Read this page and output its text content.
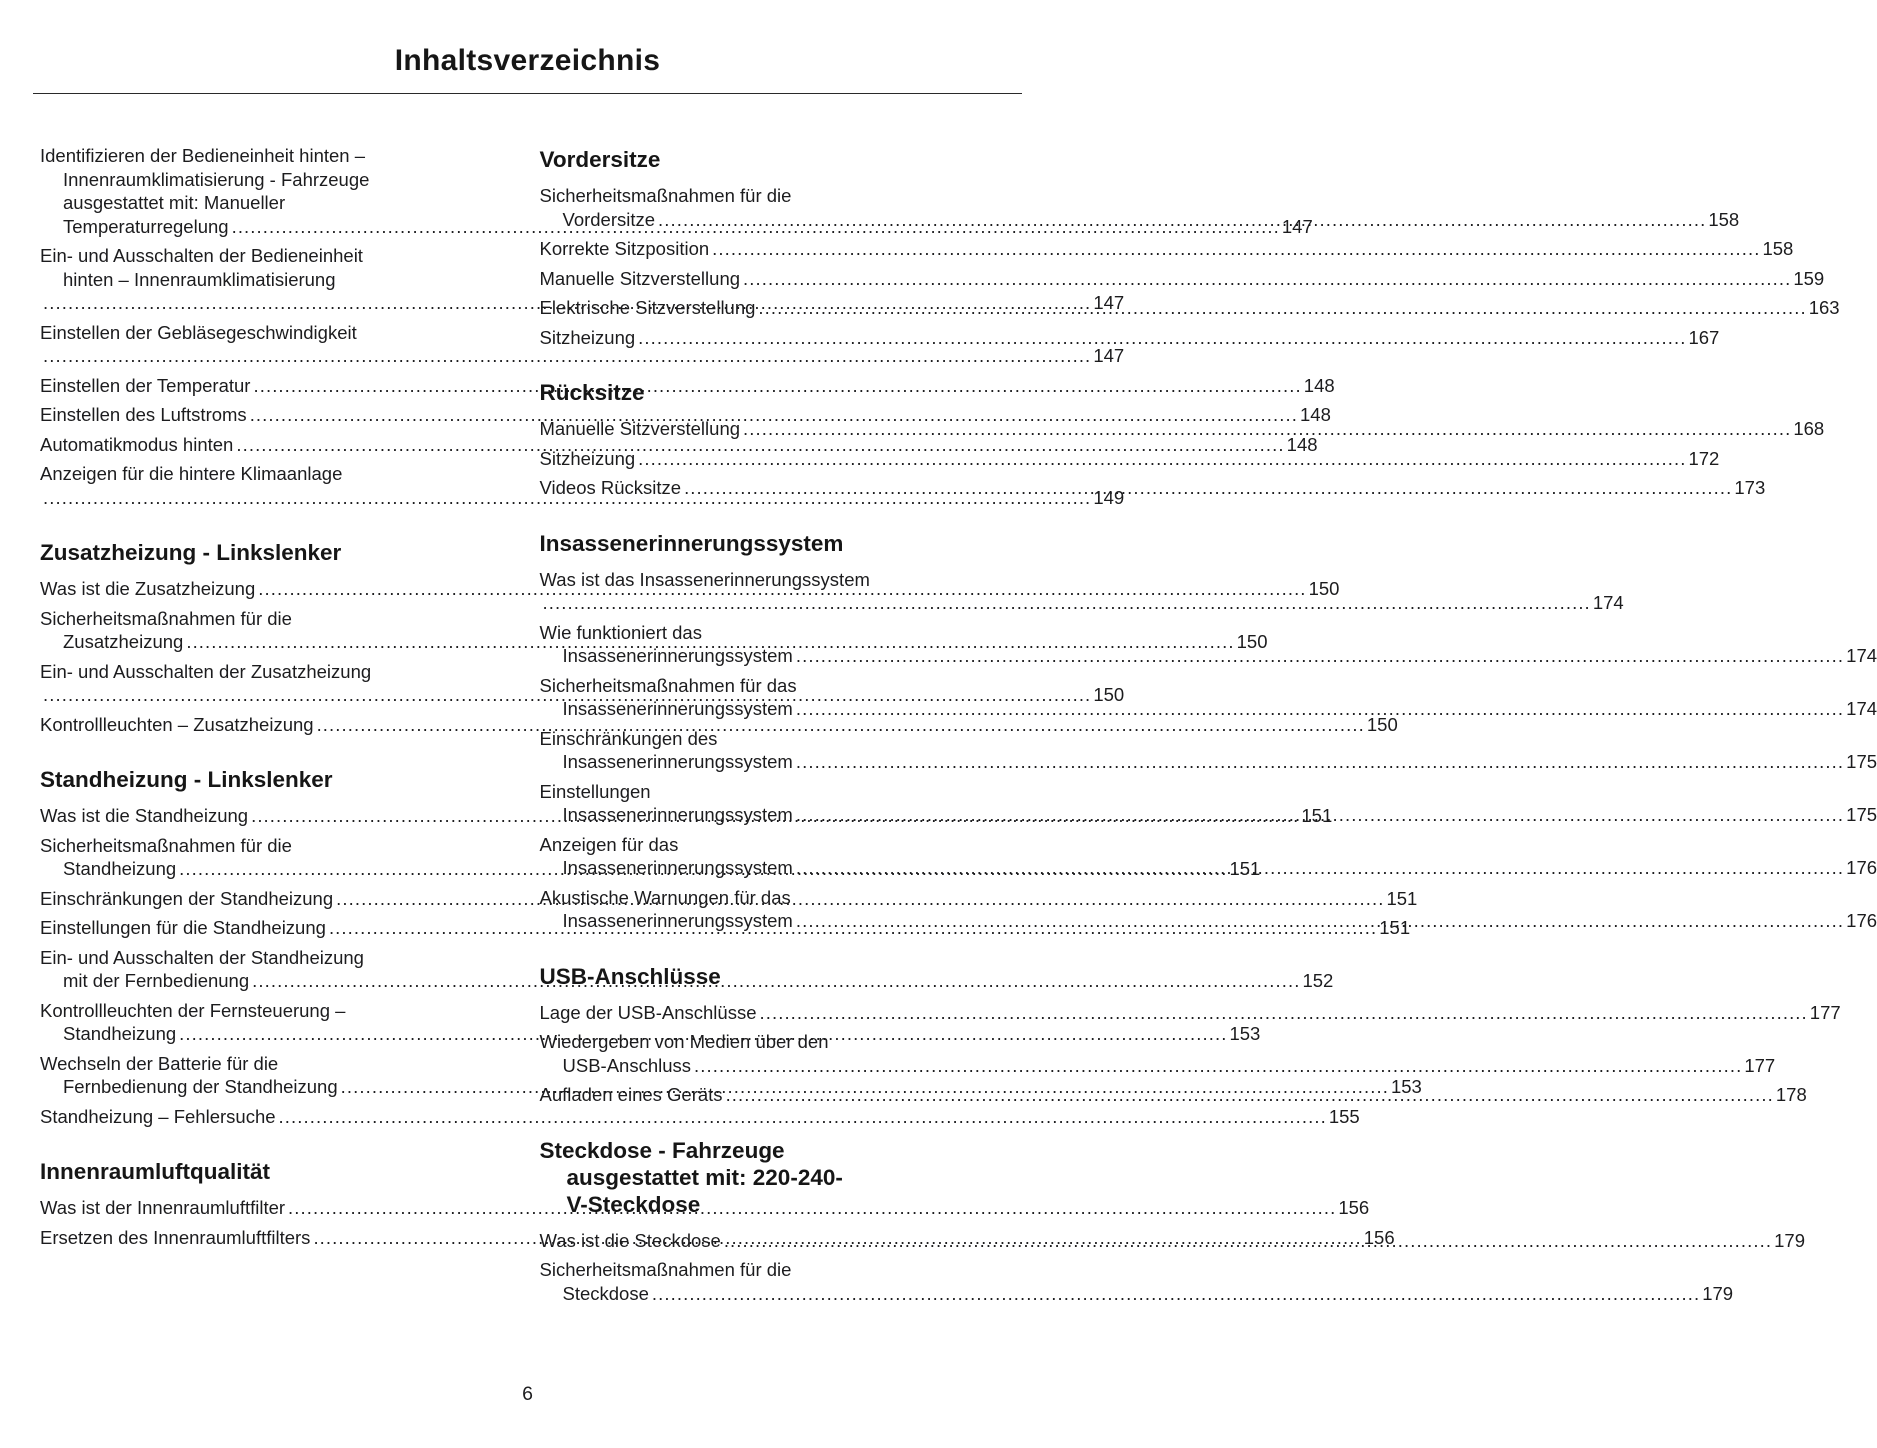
Inhaltsverzeichnis
Identifizieren der Bedieneinheit hinten –
Innenraumklimatisierung - Fahrzeuge
ausgestattet mit: Manueller
Temperaturregelung .....	147
Ein- und Ausschalten der Bedieneinheit
hinten – Innenraumklimatisierung
.....147
Einstellen der Gebläsegeschwindigkeit
.....147
Einstellen der Temperatur .....	148
Einstellen des Luftstroms .....	148
Automatikmodus hinten .....	148
Anzeigen für die hintere Klimaanlage
.....149
Zusatzheizung - Linkslenker
Was ist die Zusatzheizung .....	150
Sicherheitsmaßnahmen für die
Zusatzheizung .....	150
Ein- und Ausschalten der Zusatzheizung
.....150
Kontrollleuchten – Zusatzheizung .....	150
Standheizung - Linkslenker
Was ist die Standheizung .....	151
Sicherheitsmaßnahmen für die
Standheizung .....	151
Einschränkungen der Standheizung .....	151
Einstellungen für die Standheizung .....	151
Ein- und Ausschalten der Standheizung
mit der Fernbedienung .....	152
Kontrollleuchten der Fernsteuerung –
Standheizung .....	153
Wechseln der Batterie für die
Fernbedienung der Standheizung .....	153
Standheizung – Fehlersuche .....	155
Innenraumluftqualität
Was ist der Innenraumluftfilter .....	156
Ersetzen des Innenraumluftfilters .....	156
Vordersitze
Sicherheitsmaßnahmen für die
Vordersitze .....	158
Korrekte Sitzposition .....	158
Manuelle Sitzverstellung .....	159
Elektrische Sitzverstellung .....	163
Sitzheizung .....	167
Rücksitze
Manuelle Sitzverstellung .....	168
Sitzheizung .....	172
Videos Rücksitze .....	173
Insassenerinnerungssystem
Was ist das Insassenerinnerungssystem
.....174
Wie funktioniert das
Insassenerinnerungssystem .....	174
Sicherheitsmaßnahmen für das
Insassenerinnerungssystem .....	174
Einschränkungen des
Insassenerinnerungssystem .....	175
Einstellungen
Insassenerinnerungssystem .....	175
Anzeigen für das
Insassenerinnerungssystem .....	176
Akustische Warnungen für das
Insassenerinnerungssystem .....	176
USB-Anschlüsse
Lage der USB-Anschlüsse .....	177
Wiedergeben von Medien über den
USB-Anschluss .....	177
Aufladen eines Geräts .....	178
Steckdose - Fahrzeuge
ausgestattet mit: 220-240-
V-Steckdose
Was ist die Steckdose .....	179
Sicherheitsmaßnahmen für die
Steckdose .....	179
6
